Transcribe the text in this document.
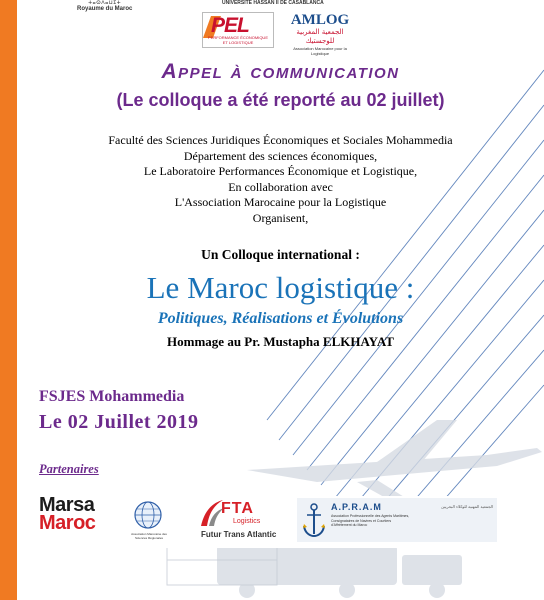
ⵜⴰⵙⴷⴰⵡⵉⵜ
Royaume du Maroc
UNIVERSITÉ HASSAN II DE CASABLANCA
PEL
PERFORMANCE ÉCONOMIQUE ET LOGISTIQUE
AMLOG
الجمعية المغربية للوجستيك
Association Marocaine pour la Logistique
Appel à communication
(Le colloque a été reporté au 02 juillet)
Faculté des Sciences Juridiques Économiques et Sociales Mohammedia
Département des sciences économiques,
Le Laboratoire Performances Économique et Logistique,
En collaboration avec
L'Association Marocaine pour la Logistique
Organisent,
Un Colloque international :
Le Maroc logistique :
Politiques, Réalisations et Évolutions
Hommage au Pr. Mustapha ELKHAYAT
FSJES Mohammedia
Le 02 Juillet 2019
Partenaires
Marsa
Maroc	Association Marocaine des Sciences Régionales
FTA
Logistics
Futur Trans Atlantic
A.P.R.A.M
Association Professionnelle des Agents Maritimes, Consignataires de Navires et Courtiers d'Affrètement du Maroc
الجمعية المهنية للوكلاء البحريين
